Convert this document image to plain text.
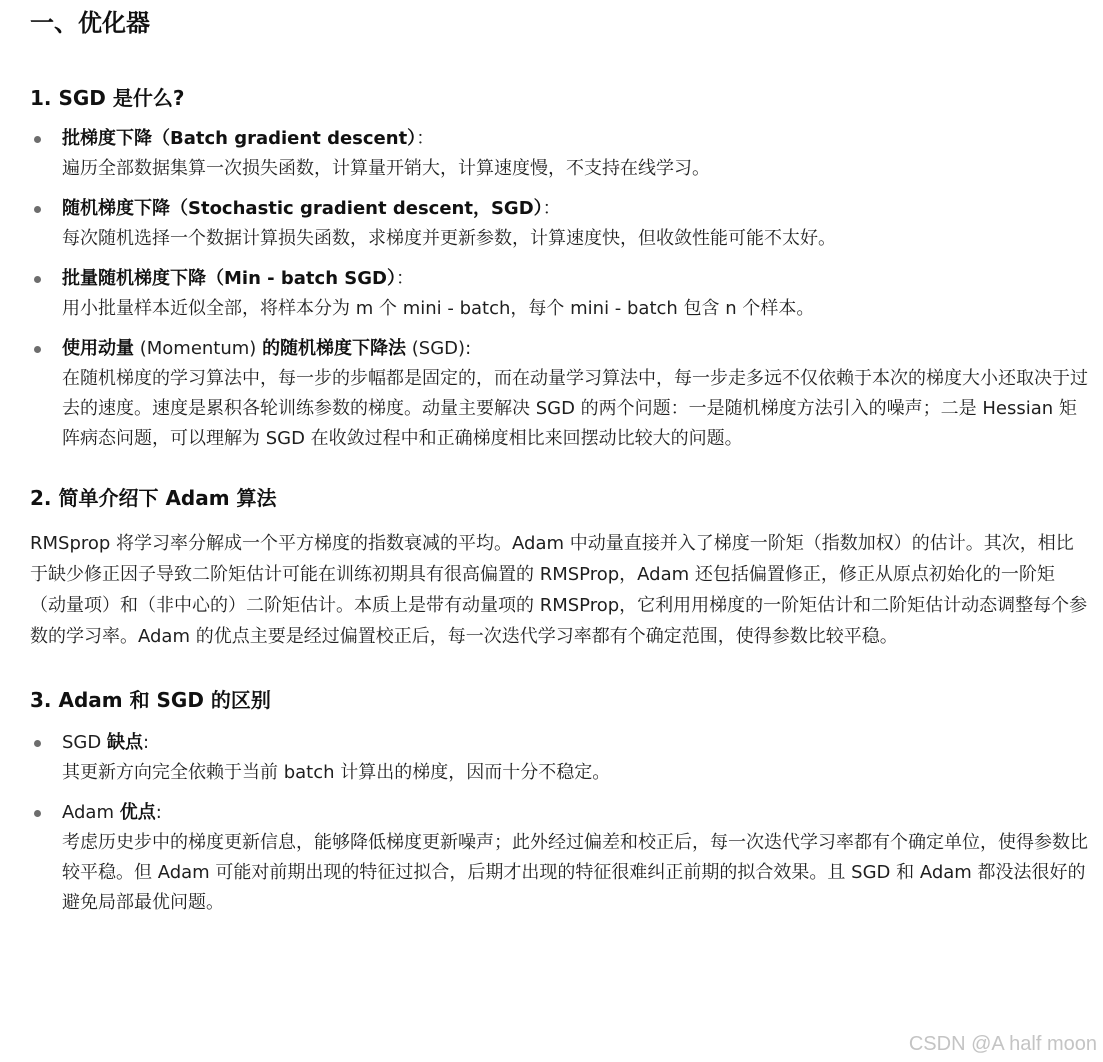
一、优化器
1. SGD 是什么?
批梯度下降（Batch gradient descent）：
遍历全部数据集算一次损失函数，计算量开销大，计算速度慢，不支持在线学习。
随机梯度下降（Stochastic gradient descent，SGD）：
每次随机选择一个数据计算损失函数，求梯度并更新参数，计算速度快，但收敛性能可能不太好。
批量随机梯度下降（Min - batch SGD）：
用小批量样本近似全部，将样本分为 m 个 mini - batch，每个 mini - batch 包含 n 个样本。
使用动量 (Momentum) 的随机梯度下降法 (SGD):
在随机梯度的学习算法中，每一步的步幅都是固定的，而在动量学习算法中，每一步走多远不仅依赖于本次的梯度大小还取决于过去的速度。速度是累积各轮训练参数的梯度。动量主要解决 SGD 的两个问题：一是随机梯度方法引入的噪声；二是 Hessian 矩阵病态问题，可以理解为 SGD 在收敛过程中和正确梯度相比来回摆动比较大的问题。
2. 简单介绍下 Adam 算法

RMSprop 将学习率分解成一个平方梯度的指数衰减的平均。Adam 中动量直接并入了梯度一阶矩（指数加权）的估计。其次，相比于缺少修正因子导致二阶矩估计可能在训练初期具有很高偏置的 RMSProp，Adam 还包括偏置修正，修正从原点初始化的一阶矩（动量项）和（非中心的）二阶矩估计。本质上是带有动量项的 RMSProp，它利用用梯度的一阶矩估计和二阶矩估计动态调整每个参数的学习率。Adam 的优点主要是经过偏置校正后，每一次迭代学习率都有个确定范围，使得参数比较平稳。

3. Adam 和 SGD 的区别
SGD 缺点:
其更新方向完全依赖于当前 batch 计算出的梯度，因而十分不稳定。
Adam 优点:
考虑历史步中的梯度更新信息，能够降低梯度更新噪声；此外经过偏差和校正后，每一次迭代学习率都有个确定单位，使得参数比较平稳。但 Adam 可能对前期出现的特征过拟合，后期才出现的特征很难纠正前期的拟合效果。且 SGD 和 Adam 都没法很好的避免局部最优问题。
CSDN @A half moon
